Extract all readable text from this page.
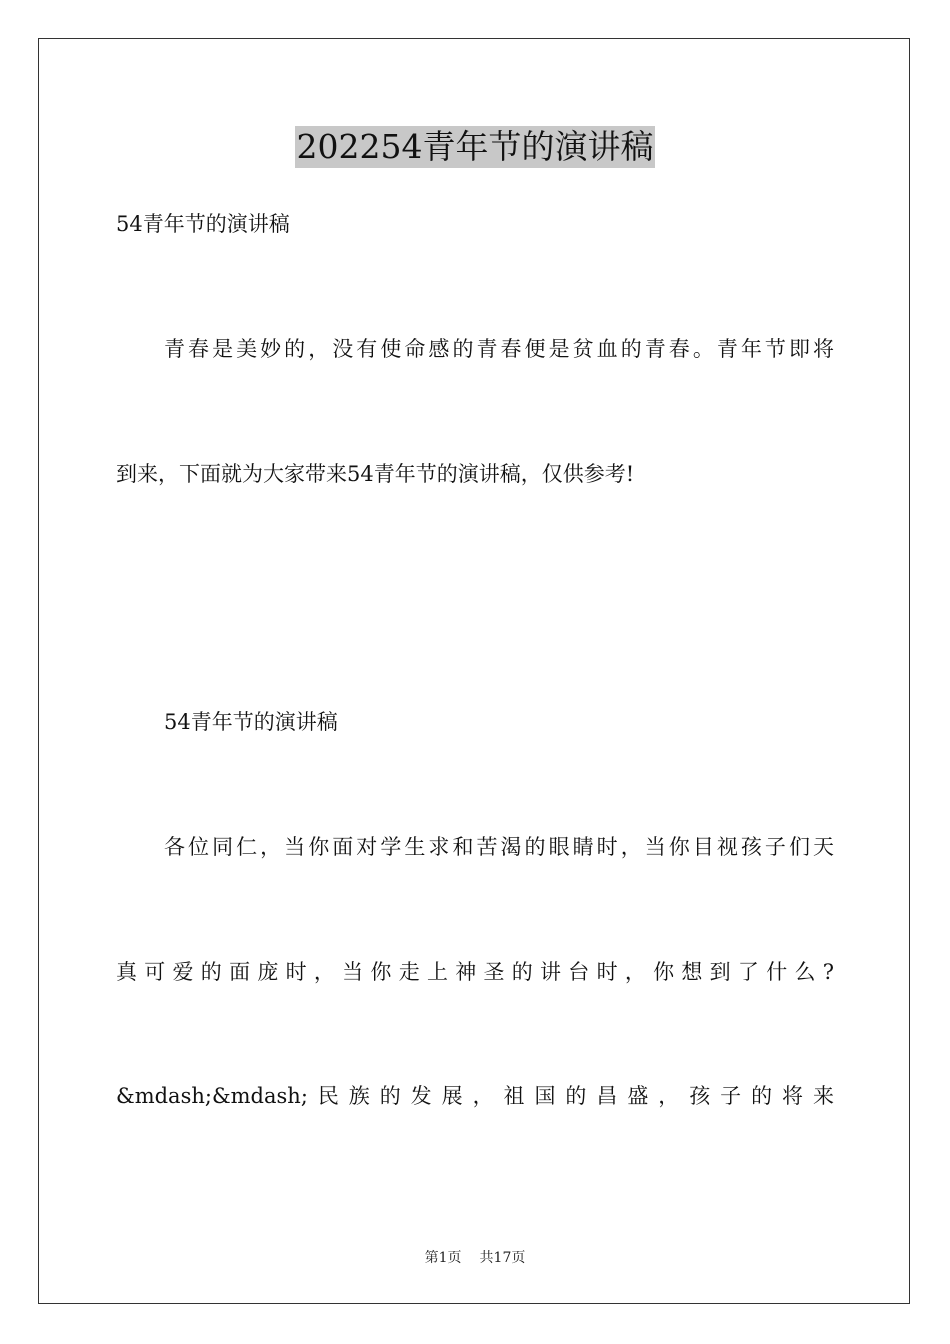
202254青年节的演讲稿
54青年节的演讲稿
青春是美妙的，没有使命感的青春便是贫血的青春。青年节即将
到来，下面就为大家带来54青年节的演讲稿，仅供参考!
54青年节的演讲稿
各位同仁，当你面对学生求和苦渴的眼睛时，当你目视孩子们天
真可爱的面庞时，当你走上神圣的讲台时，你想到了什么?
&mdash;&mdash;民族的发展，祖国的昌盛，孩子的将来
第1页 共17页
